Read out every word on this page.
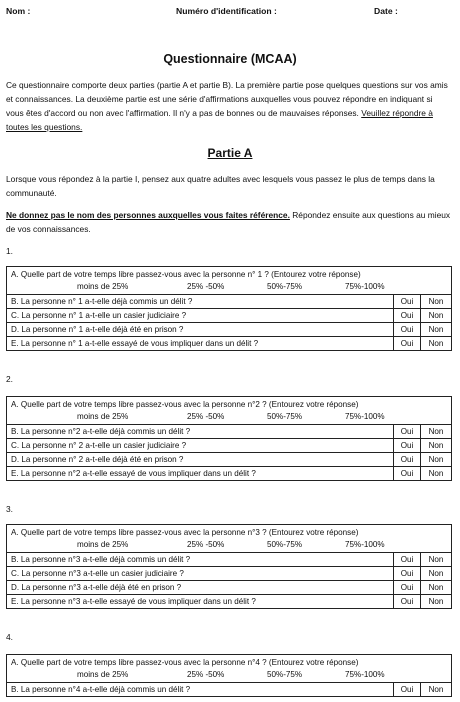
Nom :	Numéro d'identification :	Date :
Questionnaire (MCAA)
Ce questionnaire comporte deux parties (partie A et partie B). La première partie pose quelques questions sur vos amis et connaissances. La deuxième partie est une série d'affirmations auxquelles vous pouvez répondre en indiquant si vous êtes d'accord ou non avec l'affirmation. Il n'y a pas de bonnes ou de mauvaises réponses. Veuillez répondre à toutes les questions.
Partie A
Lorsque vous répondez à la partie I, pensez aux quatre adultes avec lesquels vous passez le plus de temps dans la communauté.
Ne donnez pas le nom des personnes auxquelles vous faites référence. Répondez ensuite aux questions au mieux de vos connaissances.
1.
A. Quelle part de votre temps libre passez-vous avec la personne n° 1 ? (Entourez votre réponse)
moins de 25% 25% -50% 50%-75% 75%-100%		

B. La personne n° 1 a-t-elle déjà commis un délit ?	Oui	Non
C. La personne n° 1 a-t-elle un casier judiciaire ?	Oui	Non
D. La personne n° 1 a-t-elle déjà été en prison ?	Oui	Non
E. La personne n° 1 a-t-elle essayé de vous impliquer dans un délit ?	Oui	Non
2.
A. Quelle part de votre temps libre passez-vous avec la personne n°2 ? (Entourez votre réponse)
moins de 25% 25% -50% 50%-75% 75%-100%		

B. La personne n°2 a-t-elle déjà commis un délit ?	Oui	Non
C. La personne n° 2 a-t-elle un casier judiciaire ?	Oui	Non
D. La personne n° 2 a-t-elle déjà été en prison ?	Oui	Non
E. La personne n°2 a-t-elle essayé de vous impliquer dans un délit ?	Oui	Non
3.
A. Quelle part de votre temps libre passez-vous avec la personne n°3 ? (Entourez votre réponse)
moins de 25% 25% -50% 50%-75% 75%-100%		

B. La personne n°3 a-t-elle déjà commis un délit ?	Oui	Non
C. La personne n°3 a-t-elle un casier judiciaire ?	Oui	Non
D. La personne n°3 a-t-elle déjà été en prison ?	Oui	Non
E. La personne n°3 a-t-elle essayé de vous impliquer dans un délit ?	Oui	Non
4.
A. Quelle part de votre temps libre passez-vous avec la personne n°4 ? (Entourez votre réponse)
moins de 25%	25% -50%	50%-75%	75%-100%

B. La personne n°4 a-t-elle déjà commis un délit ?	Oui	Non
